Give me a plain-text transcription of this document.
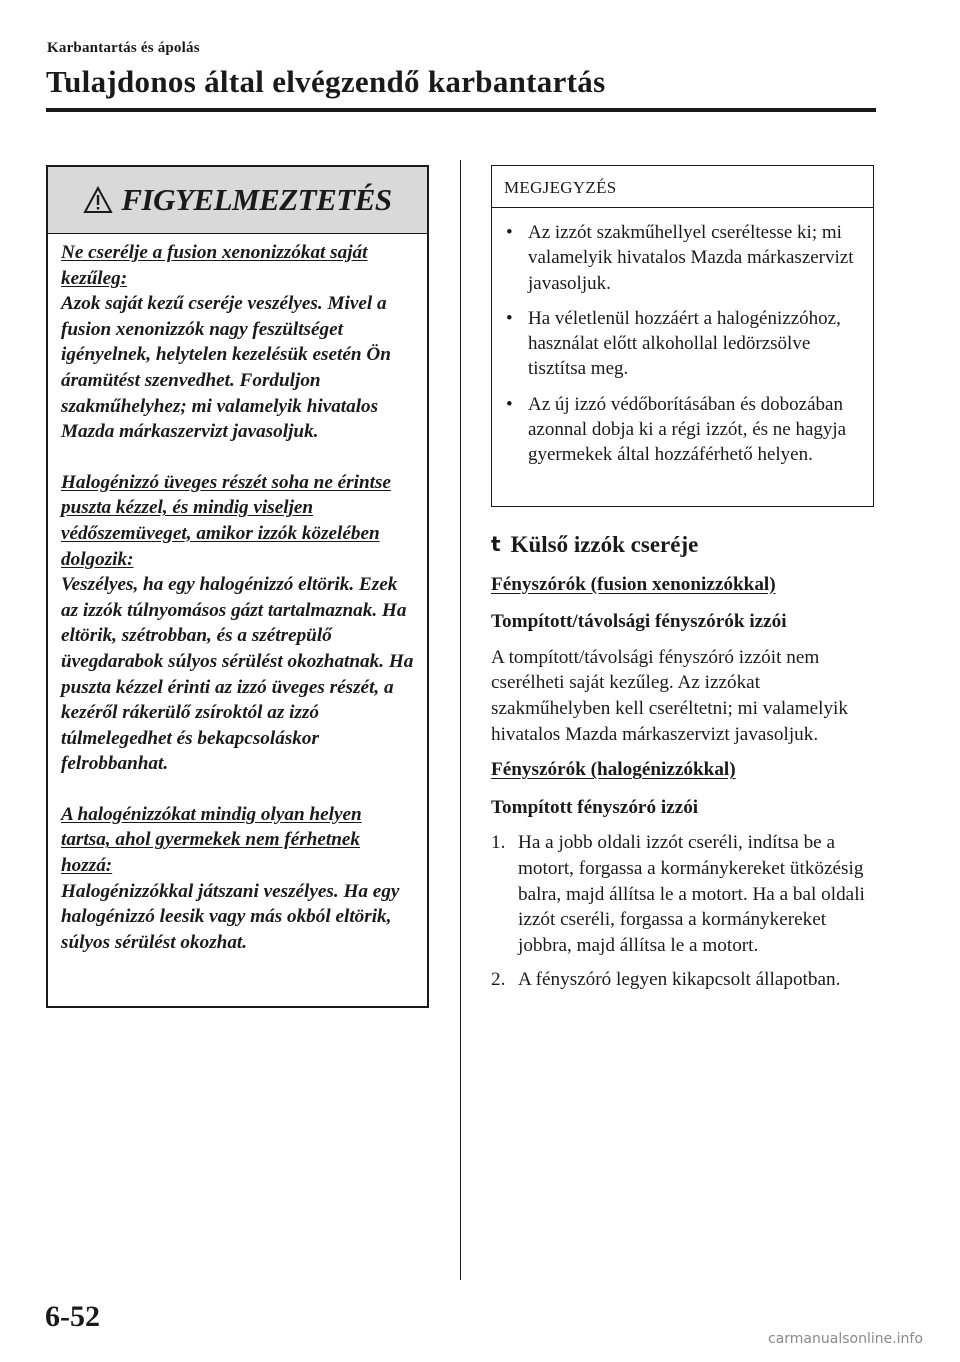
Karbantartás és ápolás
Tulajdonos által elvégzendő karbantartás
FIGYELMEZTETÉS
Ne cserélje a fusion xenonizzókat saját kezűleg:
Azok saját kezű cseréje veszélyes. Mivel a fusion xenonizzók nagy feszültséget igényelnek, helytelen kezelésük esetén Ön áramütést szenvedhet. Forduljon szakműhelyhez; mi valamelyik hivatalos Mazda márkaszervizt javasoljuk.
Halogénizzó üveges részét soha ne érintse puszta kézzel, és mindig viseljen védőszemüveget, amikor izzók közelében dolgozik:
Veszélyes, ha egy halogénizzó eltörik. Ezek az izzók túlnyomásos gázt tartalmaznak. Ha eltörik, szétrobban, és a szétrepülő üvegdarabok súlyos sérülést okozhatnak. Ha puszta kézzel érinti az izzó üveges részét, a kezéről rákerülő zsíroktól az izzó túlmelegedhet és bekapcsoláskor felrobbanhat.
A halogénizzókat mindig olyan helyen tartsa, ahol gyermekek nem férhetnek hozzá:
Halogénizzókkal játszani veszélyes. Ha egy halogénizzó leesik vagy más okból eltörik, súlyos sérülést okozhat.
MEGJEGYZÉS
• Az izzót szakműhellyel cseréltesse ki; mi valamelyik hivatalos Mazda márkaszervizt javasoljuk.
• Ha véletlenül hozzáért a halogénizzóhoz, használat előtt alkohollal ledörzsölve tisztítsa meg.
• Az új izzó védőborításában és dobozában azonnal dobja ki a régi izzót, és ne hagyja gyermekek által hozzáférhető helyen.
t Külső izzók cseréje

Fényszórók (fusion xenonizzókkal)

Tompított/távolsági fényszórók izzói

A tompított/távolsági fényszóró izzóit nem cserélheti saját kezűleg. Az izzókat szakműhelyben kell cseréltetni; mi valamelyik hivatalos Mazda márkaszervizt javasoljuk.

Fényszórók (halogénizzókkal)

Tompított fényszóró izzói

1. Ha a jobb oldali izzót cseréli, indítsa be a motort, forgassa a kormánykereket ütközésig balra, majd állítsa le a motort. Ha a bal oldali izzót cseréli, forgassa a kormánykereket jobbra, majd állítsa le a motort.
2. A fényszóró legyen kikapcsolt állapotban.
6-52
carmanualsonline.info
